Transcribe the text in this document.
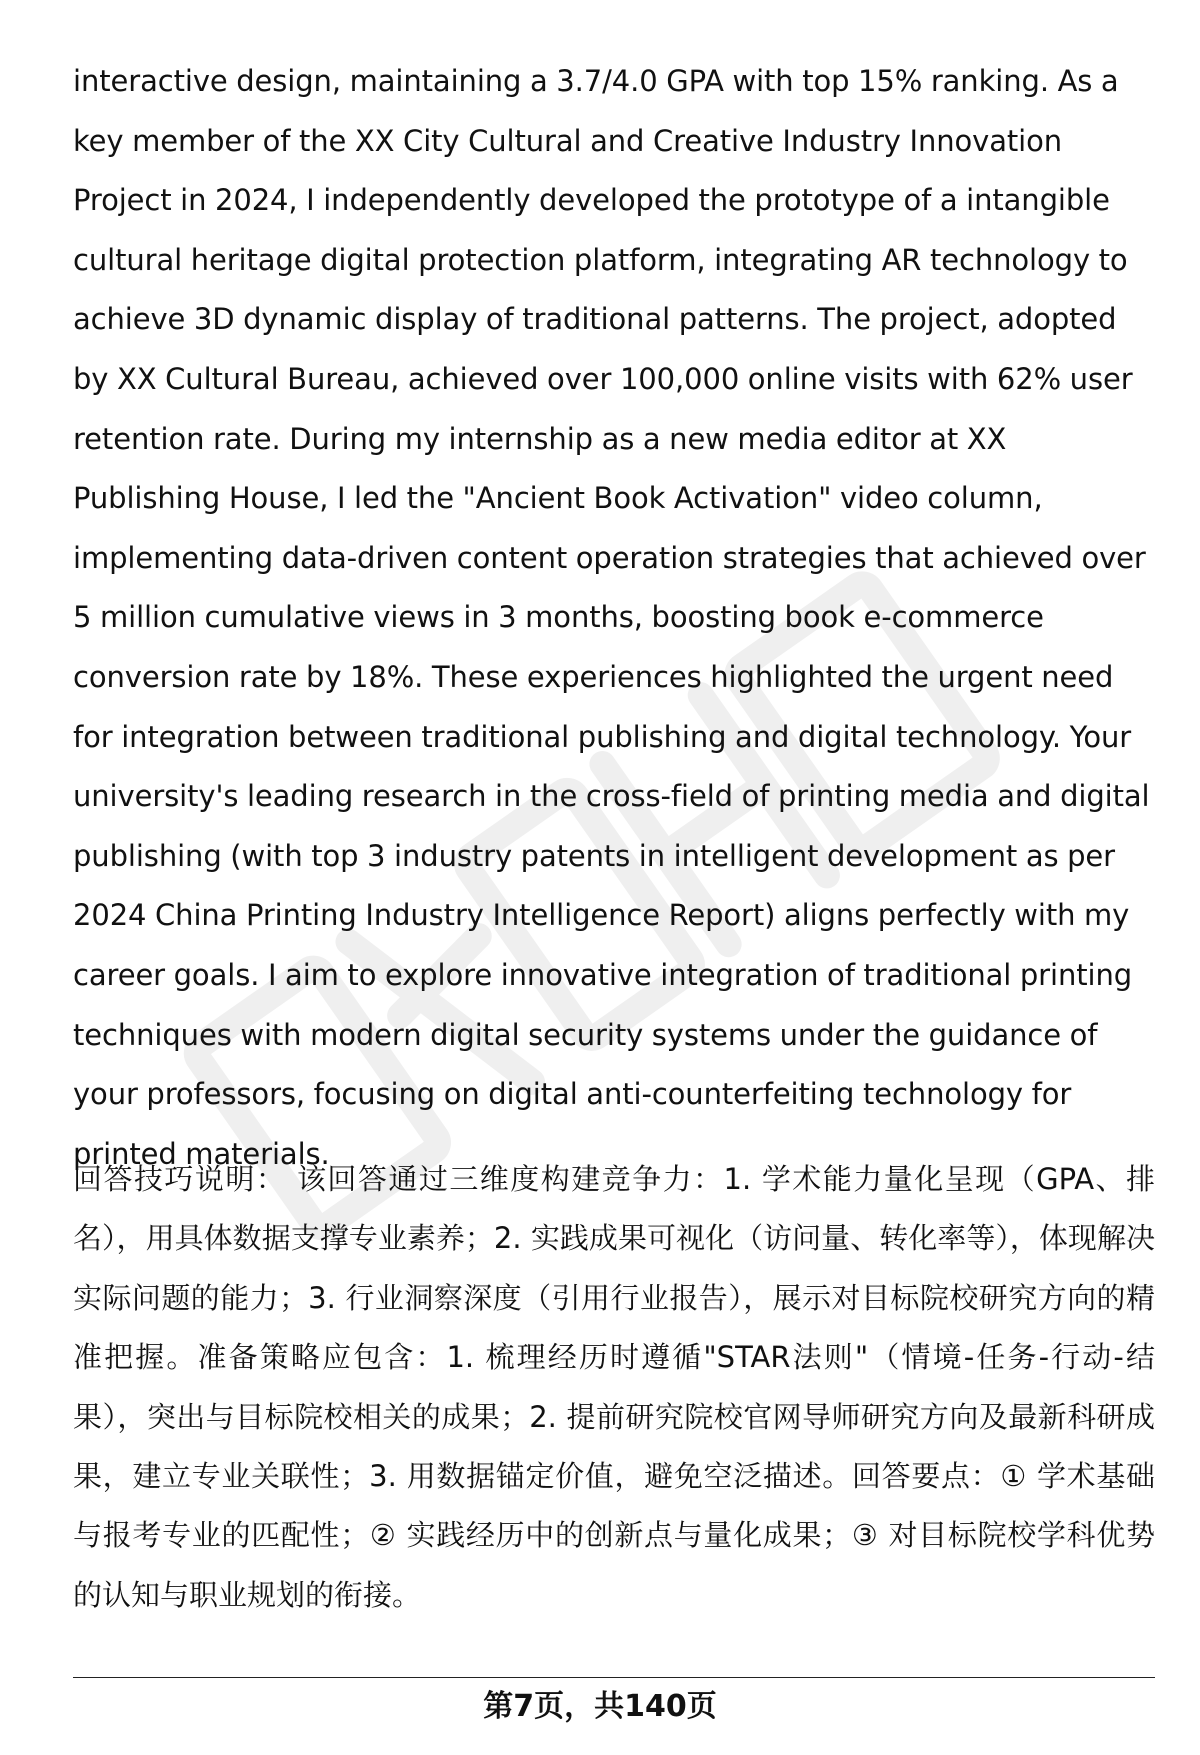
interactive design, maintaining a 3.7/4.0 GPA with top 15% ranking. As a key member of the XX City Cultural and Creative Industry Innovation Project in 2024, I independently developed the prototype of a intangible cultural heritage digital protection platform, integrating AR technology to achieve 3D dynamic display of traditional patterns. The project, adopted by XX Cultural Bureau, achieved over 100,000 online visits with 62% user retention rate. During my internship as a new media editor at XX Publishing House, I led the "Ancient Book Activation" video column, implementing data-driven content operation strategies that achieved over 5 million cumulative views in 3 months, boosting book e-commerce conversion rate by 18%. These experiences highlighted the urgent need for integration between traditional publishing and digital technology. Your university's leading research in the cross-field of printing media and digital publishing (with top 3 industry patents in intelligent development as per 2024 China Printing Industry Intelligence Report) aligns perfectly with my career goals. I aim to explore innovative integration of traditional printing techniques with modern digital security systems under the guidance of your professors, focusing on digital anti-counterfeiting technology for printed materials.

回答技巧说明： 该回答通过三维度构建竞争力：1. 学术能力量化呈现（GPA、排名），用具体数据支撑专业素养；2. 实践成果可视化（访问量、转化率等），体现解决实际问题的能力；3. 行业洞察深度（引用行业报告），展示对目标院校研究方向的精准把握。准备策略应包含：1. 梳理经历时遵循"STAR法则"（情境-任务-行动-结果），突出与目标院校相关的成果；2. 提前研究院校官网导师研究方向及最新科研成果，建立专业关联性；3. 用数据锚定价值，避免空泛描述。回答要点：① 学术基础与报考专业的匹配性；② 实践经历中的创新点与量化成果；③ 对目标院校学科优势的认知与职业规划的衔接。

第7页，共140页
